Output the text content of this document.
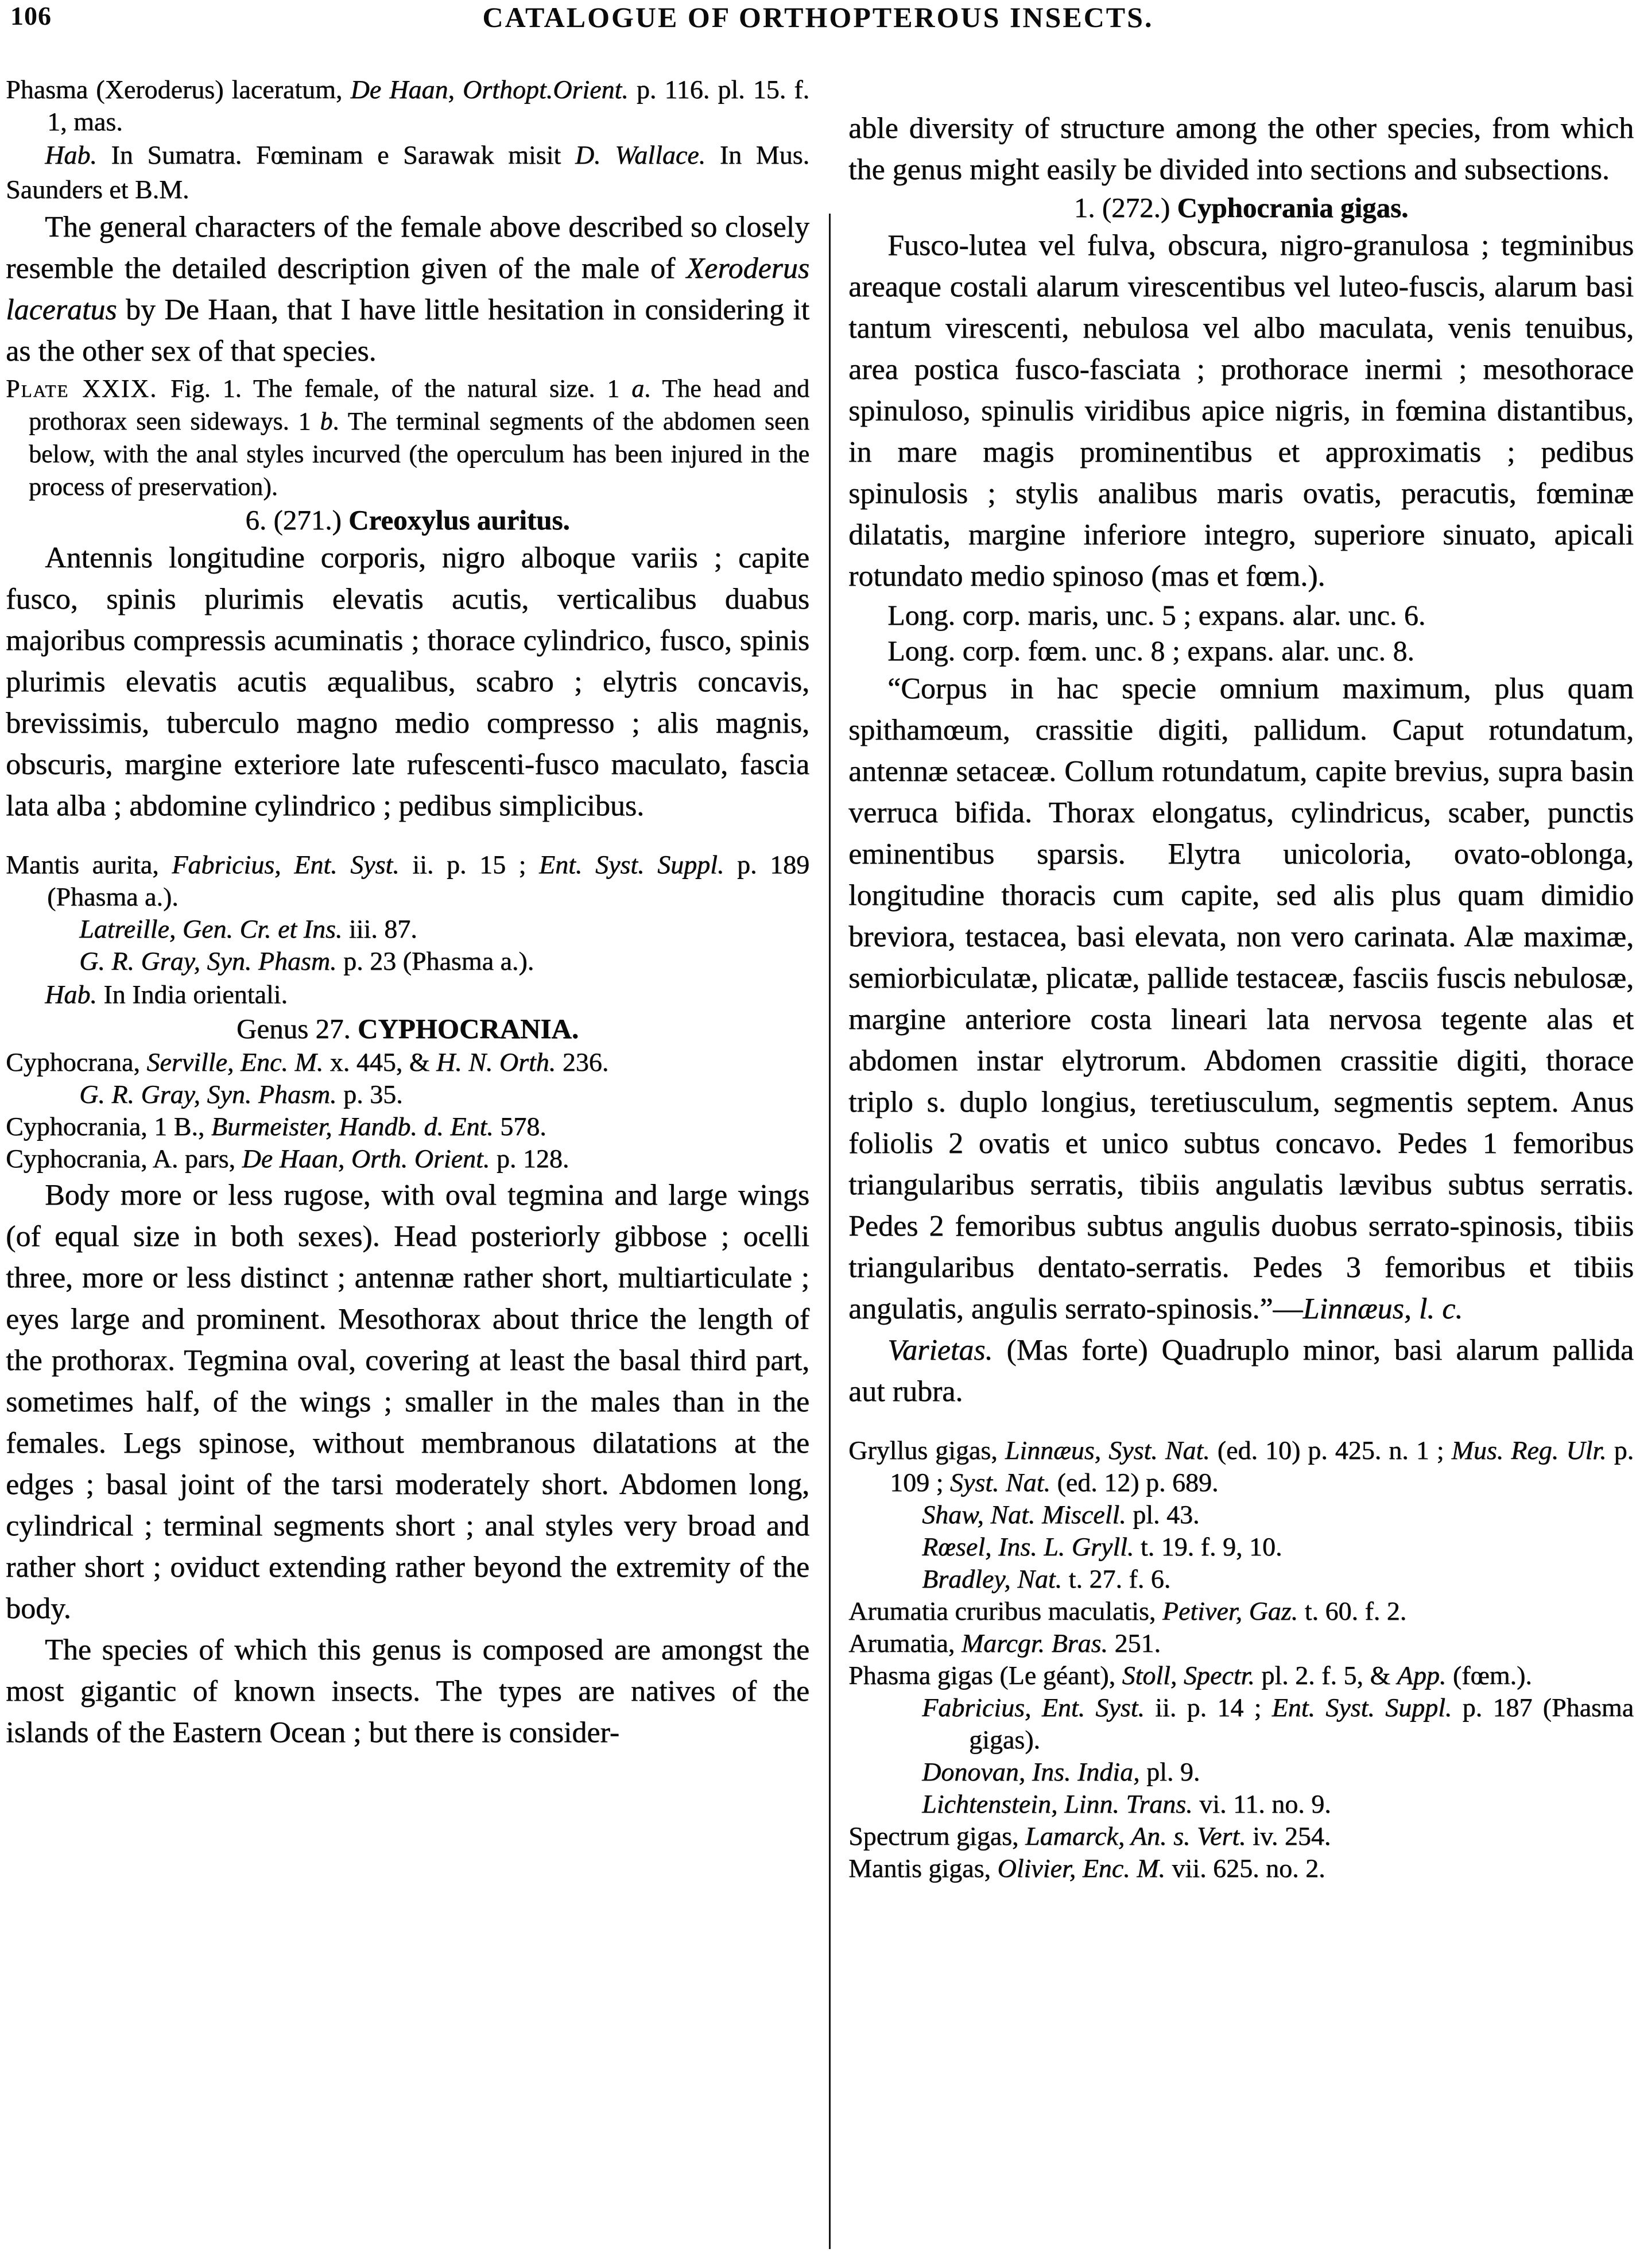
106	CATALOGUE OF ORTHOPTEROUS INSECTS.

Phasma (Xeroderus) laceratum, De Haan, Orthopt.Orient. p. 116. pl. 15. f. 1, mas.

Hab. In Sumatra. Fœminam e Sarawak misit D. Wallace. In Mus. Saunders et B.M.

The general characters of the female above described so closely resemble the detailed description given of the male of Xeroderus laceratus by De Haan, that I have little hesitation in considering it as the other sex of that species.

Plate XXIX. Fig. 1. The female, of the natural size. 1 a. The head and prothorax seen sideways. 1 b. The terminal segments of the abdomen seen below, with the anal styles incurved (the operculum has been injured in the process of preservation).

6. (271.) Creoxylus auritus.

Antennis longitudine corporis, nigro alboque variis ; capite fusco, spinis plurimis elevatis acutis, verticalibus duabus majoribus compressis acuminatis ; thorace cylindrico, fusco, spinis plurimis elevatis acutis æqualibus, scabro ; elytris concavis, brevissimis, tuberculo magno medio compresso ; alis magnis, obscuris, margine exteriore late rufescenti-fusco maculato, fascia lata alba ; abdomine cylindrico ; pedibus simplicibus.

Mantis aurita, Fabricius, Ent. Syst. ii. p. 15 ; Ent. Syst. Suppl. p. 189 (Phasma a.).

Latreille, Gen. Cr. et Ins. iii. 87.

G. R. Gray, Syn. Phasm. p. 23 (Phasma a.).

Hab. In India orientali.

Genus 27. CYPHOCRANIA.

Cyphocrana, Serville, Enc. M. x. 445, & H. N. Orth. 236.

G. R. Gray, Syn. Phasm. p. 35.

Cyphocrania, 1 B., Burmeister, Handb. d. Ent. 578.

Cyphocrania, A. pars, De Haan, Orth. Orient. p. 128.

Body more or less rugose, with oval tegmina and large wings (of equal size in both sexes). Head posteriorly gibbose ; ocelli three, more or less distinct ; antennæ rather short, multiarticulate ; eyes large and prominent. Mesothorax about thrice the length of the prothorax. Tegmina oval, covering at least the basal third part, sometimes half, of the wings ; smaller in the males than in the females. Legs spinose, without membranous dilatations at the edges ; basal joint of the tarsi moderately short. Abdomen long, cylindrical ; terminal segments short ; anal styles very broad and rather short ; oviduct extending rather beyond the extremity of the body.

The species of which this genus is composed are amongst the most gigantic of known insects. The types are natives of the islands of the Eastern Ocean ; but there is consider-

able diversity of structure among the other species, from which the genus might easily be divided into sections and subsections.

1. (272.) Cyphocrania gigas.

Fusco-lutea vel fulva, obscura, nigro-granulosa ; tegminibus areaque costali alarum virescentibus vel luteo-fuscis, alarum basi tantum virescenti, nebulosa vel albo maculata, venis tenuibus, area postica fusco-fasciata ; prothorace inermi ; mesothorace spinuloso, spinulis viridibus apice nigris, in fœmina distantibus, in mare magis prominentibus et approximatis ; pedibus spinulosis ; stylis analibus maris ovatis, peracutis, fœminæ dilatatis, margine inferiore integro, superiore sinuato, apicali rotundato medio spinoso (mas et fœm.).

Long. corp. maris, unc. 5 ; expans. alar. unc. 6.

Long. corp. fœm. unc. 8 ; expans. alar. unc. 8.

“Corpus in hac specie omnium maximum, plus quam spithamœum, crassitie digiti, pallidum. Caput rotundatum, antennæ setaceæ. Collum rotundatum, capite brevius, supra basin verruca bifida. Thorax elongatus, cylindricus, scaber, punctis eminentibus sparsis. Elytra unicoloria, ovato-oblonga, longitudine thoracis cum capite, sed alis plus quam dimidio breviora, testacea, basi elevata, non vero carinata. Alæ maximæ, semiorbiculatæ, plicatæ, pallide testaceæ, fasciis fuscis nebulosæ, margine anteriore costa lineari lata nervosa tegente alas et abdomen instar elytrorum. Abdomen crassitie digiti, thorace triplo s. duplo longius, teretiusculum, segmentis septem. Anus foliolis 2 ovatis et unico subtus concavo. Pedes 1 femoribus triangularibus serratis, tibiis angulatis lævibus subtus serratis. Pedes 2 femoribus subtus angulis duobus serrato-spinosis, tibiis triangularibus dentato-serratis. Pedes 3 femoribus et tibiis angulatis, angulis serrato-spinosis.”—Linnæus, l. c.

Varietas. (Mas forte) Quadruplo minor, basi alarum pallida aut rubra.

Gryllus gigas, Linnæus, Syst. Nat. (ed. 10) p. 425. n. 1 ; Mus. Reg. Ulr. p. 109 ; Syst. Nat. (ed. 12) p. 689.

Shaw, Nat. Miscell. pl. 43.

Rœsel, Ins. L. Gryll. t. 19. f. 9, 10.

Bradley, Nat. t. 27. f. 6.

Arumatia cruribus maculatis, Petiver, Gaz. t. 60. f. 2.

Arumatia, Marcgr. Bras. 251.

Phasma gigas (Le géant), Stoll, Spectr. pl. 2. f. 5, & App. (fœm.).

Fabricius, Ent. Syst. ii. p. 14 ; Ent. Syst. Suppl. p. 187 (Phasma gigas).

Donovan, Ins. India, pl. 9.

Lichtenstein, Linn. Trans. vi. 11. no. 9.

Spectrum gigas, Lamarck, An. s. Vert. iv. 254.

Mantis gigas, Olivier, Enc. M. vii. 625. no. 2.
